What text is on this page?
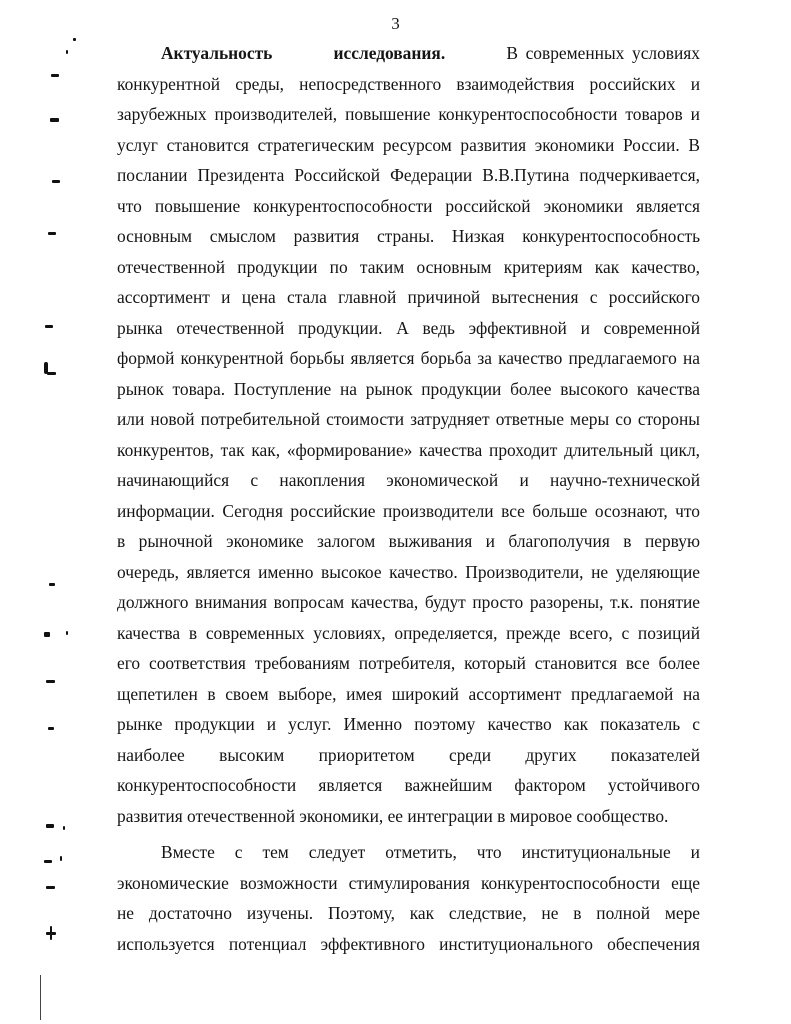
3
Актуальность	исследования.	В современных условиях
конкурентной среды, непосредственного взаимодействия российских и
зарубежных производителей, повышение конкурентоспособности товаров и
услуг становится стратегическим ресурсом развития экономики России. В
послании Президента Российской Федерации В.В.Путина подчеркивается,
что повышение конкурентоспособности российской экономики является
основным смыслом развития страны. Низкая конкурентоспособность
отечественной продукции по таким основным критериям как качество,
ассортимент и цена стала главной причиной вытеснения с российского
рынка отечественной продукции. А ведь эффективной и современной
формой конкурентной борьбы является борьба за качество предлагаемого на
рынок товара. Поступление на рынок продукции более высокого качества
или новой потребительной стоимости затрудняет ответные меры со стороны
конкурентов, так как, «формирование» качества проходит длительный цикл,
начинающийся с накопления экономической и научно-технической
информации. Сегодня российские производители все больше осознают, что
в рыночной экономике залогом выживания и благополучия в первую
очередь, является именно высокое качество. Производители, не уделяющие
должного внимания вопросам качества, будут просто разорены, т.к. понятие
качества в современных условиях, определяется, прежде всего, с позиций
его соответствия требованиям потребителя, который становится все более
щепетилен в своем выборе, имея широкий ассортимент предлагаемой на
рынке продукции и услуг. Именно поэтому качество как показатель с
наиболее высоким приоритетом среди других показателей
конкурентоспособности является важнейшим фактором устойчивого
развития отечественной экономики, ее интеграции в мировое сообщество.
Вместе с тем следует отметить, что институциональные и
экономические возможности стимулирования конкурентоспособности еще
не достаточно изучены. Поэтому, как следствие, не в полной мере
используется потенциал эффективного институционального обеспечения
